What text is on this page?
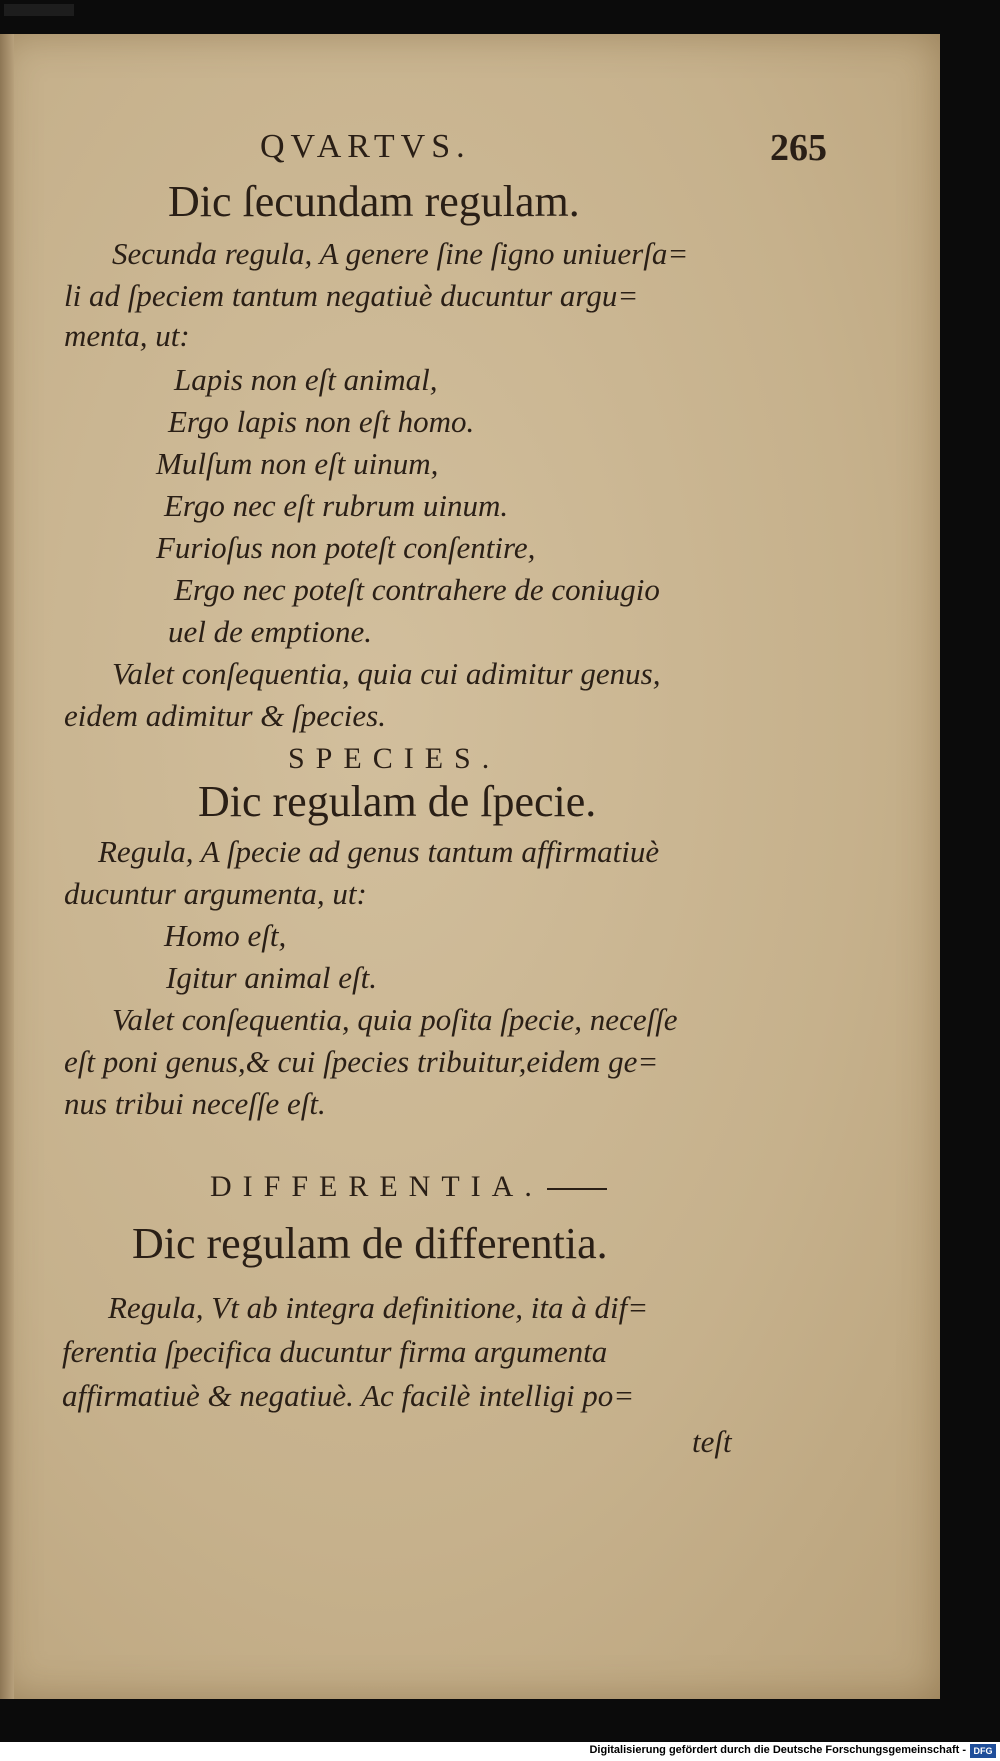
QVARTVS.	265
Dic ſecundam regulam.
Secunda regula, A genere ſine ſigno uniuerſa=
li ad ſpeciem tantum negatiuè ducuntur argu=
menta, ut:
Lapis non eſt animal,
Ergo lapis non eſt homo.
Mulſum non eſt uinum,
Ergo nec eſt rubrum uinum.
Furioſus non poteſt conſentire,
Ergo nec poteſt contrahere de coniugio
uel de emptione.
Valet conſequentia, quia cui adimitur genus,
eidem adimitur & ſpecies.
SPECIES.
Dic regulam de ſpecie.
Regula, A ſpecie ad genus tantum affirmatiuè
ducuntur argumenta, ut:
Homo eſt,
Igitur animal eſt.
Valet conſequentia, quia poſita ſpecie, neceſſe
eſt poni genus,& cui ſpecies tribuitur,eidem ge=
nus tribui neceſſe eſt.
DIFFERENTIA.
Dic regulam de differentia.
Regula, Vt ab integra definitione, ita à dif=
ferentia ſpecifica ducuntur firma argumenta
affirmatiuè & negatiuè. Ac facilè intelligi po=
teſt
Digitalisierung gefördert durch die Deutsche Forschungsgemeinschaft - DFG
